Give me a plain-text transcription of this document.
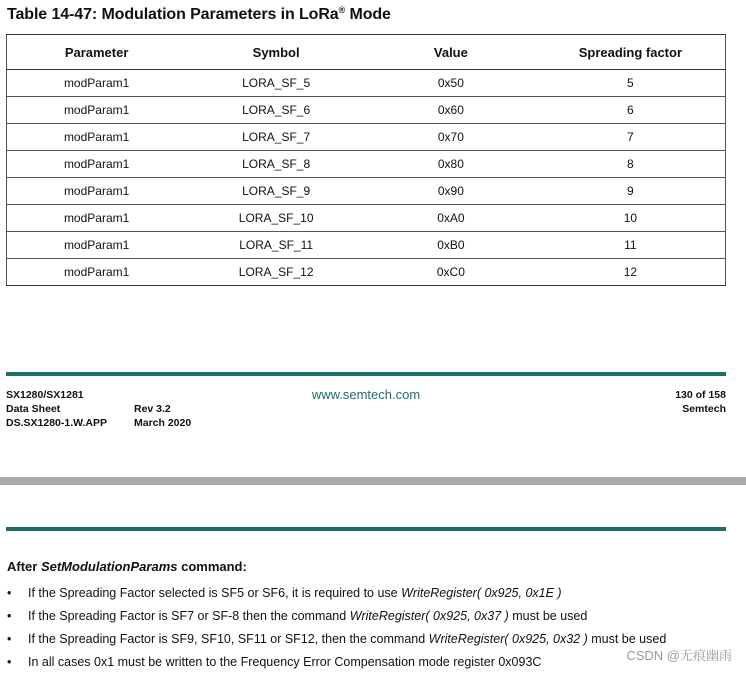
Table 14-47: Modulation Parameters in LoRa® Mode
Parameter	Symbol	Value	Spreading factor
modParam1	LORA_SF_5	0x50	5
modParam1	LORA_SF_6	0x60	6
modParam1	LORA_SF_7	0x70	7
modParam1	LORA_SF_8	0x80	8
modParam1	LORA_SF_9	0x90	9
modParam1	LORA_SF_10	0xA0	10
modParam1	LORA_SF_11	0xB0	11
modParam1	LORA_SF_12	0xC0	12
SX1280/SX1281
Data Sheet
DS.SX1280-1.W.APP
Rev 3.2
March 2020
www.semtech.com	130 of 158
Semtech
After SetModulationParams command:
• If the Spreading Factor selected is SF5 or SF6, it is required to use WriteRegister( 0x925, 0x1E )
• If the Spreading Factor is SF7 or SF-8 then the command WriteRegister( 0x925, 0x37 ) must be used
• If the Spreading Factor is SF9, SF10, SF11 or SF12, then the command WriteRegister( 0x925, 0x32 ) must be used
• In all cases 0x1 must be written to the Frequency Error Compensation mode register 0x093C	CSDN @无痕幽雨
